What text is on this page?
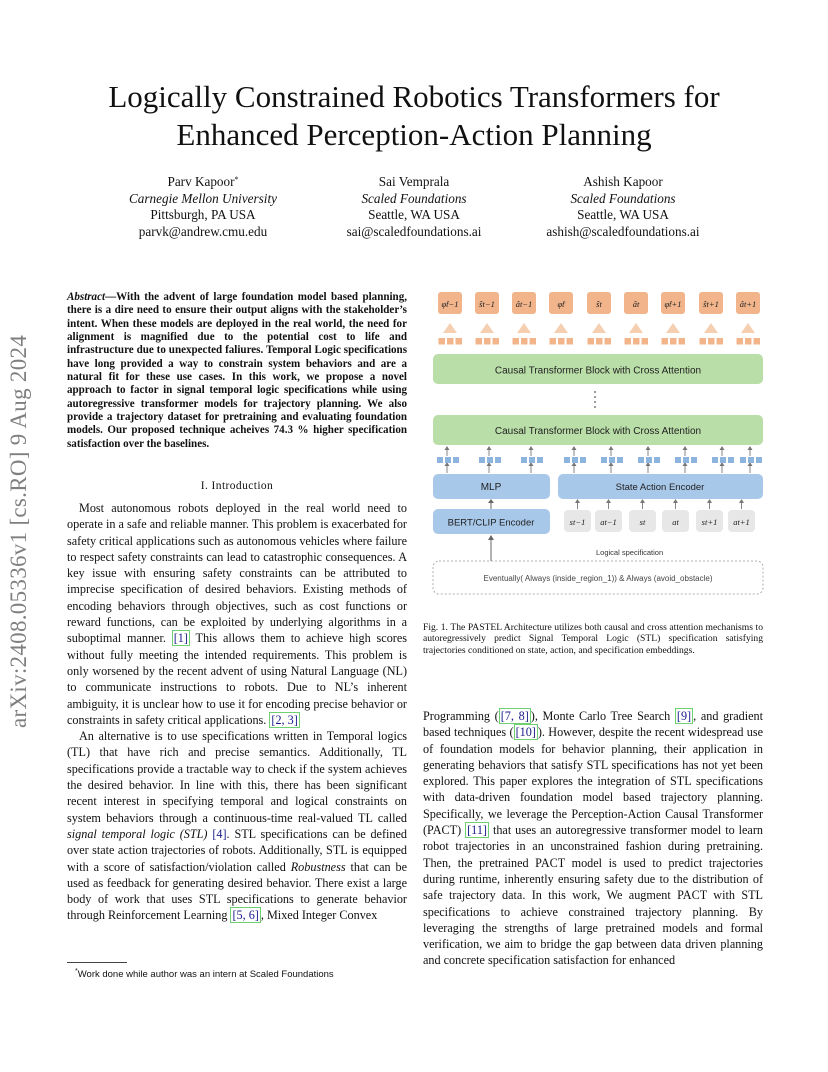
Logically Constrained Robotics Transformers for
Enhanced Perception-Action Planning
Parv Kapoor*
Carnegie Mellon University
Pittsburgh, PA USA
parvk@andrew.cmu.edu
Sai Vemprala
Scaled Foundations
Seattle, WA USA
sai@scaledfoundations.ai
Ashish Kapoor
Scaled Foundations
Seattle, WA USA
ashish@scaledfoundations.ai
arXiv:2408.05336v1 [cs.RO] 9 Aug 2024
Abstract—With the advent of large foundation model based planning, there is a dire need to ensure their output aligns with the stakeholder’s intent. When these models are deployed in the real world, the need for alignment is magnified due to the potential cost to life and infrastructure due to unexpected faliures. Temporal Logic specifications have long provided a way to constrain system behaviors and are a natural fit for these use cases. In this work, we propose a novel approach to factor in signal temporal logic specifications while using autoregressive transformer models for trajectory planning. We also provide a trajectory dataset for pretraining and evaluating foundation models. Our proposed technique acheives 74.3 % higher specification satisfaction over the baselines.
I. Introduction

Most autonomous robots deployed in the real world need to operate in a safe and reliable manner. This problem is exacerbated for safety critical applications such as autonomous vehicles where failure to respect safety constraints can lead to catastrophic consequences. A key issue with ensuring safety constraints can be attributed to imprecise specification of desired behaviors. Existing methods of encoding behaviors through objectives, such as cost functions or reward functions, can be exploited by underlying algorithms in a suboptimal manner. [1] This allows them to achieve high scores without fully meeting the intended requirements. This problem is only worsened by the recent advent of using Natural Language (NL) to communicate instructions to robots. Due to NL’s inherent ambiguity, it is unclear how to use it for encoding precise behavior or constraints in safety critical applications. [2, 3]

An alternative is to use specifications written in Temporal logics (TL) that have rich and precise semantics. Additionally, TL specifications provide a tractable way to check if the system achieves the desired behavior. In line with this, there has been significant recent interest in specifying temporal and logical constraints on system behaviors through a continuous-time real-valued TL called signal temporal logic (STL) [4]. STL specifications can be defined over state action trajectories of robots. Additionally, STL is equipped with a score of satisfaction/violation called Robustness that can be used as feedback for generating desired behavior. There exist a large body of work that uses STL specifications to generate behavior through Reinforcement Learning [5, 6] , Mixed Integer Convex

*Work done while author was an intern at Scaled Foundations
φ̂t−1 ŝt−1 ât−1	φ̂t	ŝt	ât	φ̂t+1	ŝt+1 ât+1
Causal Transformer Block with Cross Attention
Causal Transformer Block with Cross Attention
MLP	State Action Encoder
BERT/CLIP Encoder	st−1 at−1	st	at	st+1 at+1
Logical specification
Eventually( Always (inside_region_1)) & Always (avoid_obstacle)
Fig. 1. The PASTEL Architecture utilizes both causal and cross attention mechanisms to autoregressively predict Signal Temporal Logic (STL) specification satisfying trajectories conditioned on state, action, and specification embeddings.
Programming ( [7, 8] ), Monte Carlo Tree Search [9] , and gradient based techniques ( [10] ). However, despite the recent widespread use of foundation models for behavior planning, their application in generating behaviors that satisfy STL specifications has not yet been explored. This paper explores the integration of STL specifications with data-driven foundation model based trajectory planning. Specifically, we leverage the Perception-Action Causal Transformer (PACT) [11] that uses an autoregressive transformer model to learn robot trajectories in an unconstrained fashion during pretraining. Then, the pretrained PACT model is used to predict trajectories during runtime, inherently ensuring safety due to the distribution of safe trajectory data. In this work, We augment PACT with STL specifications to achieve constrained trajectory planning. By leveraging the strengths of large pretrained models and formal verification, we aim to bridge the gap between data driven planning and concrete specification satisfaction for enhanced
